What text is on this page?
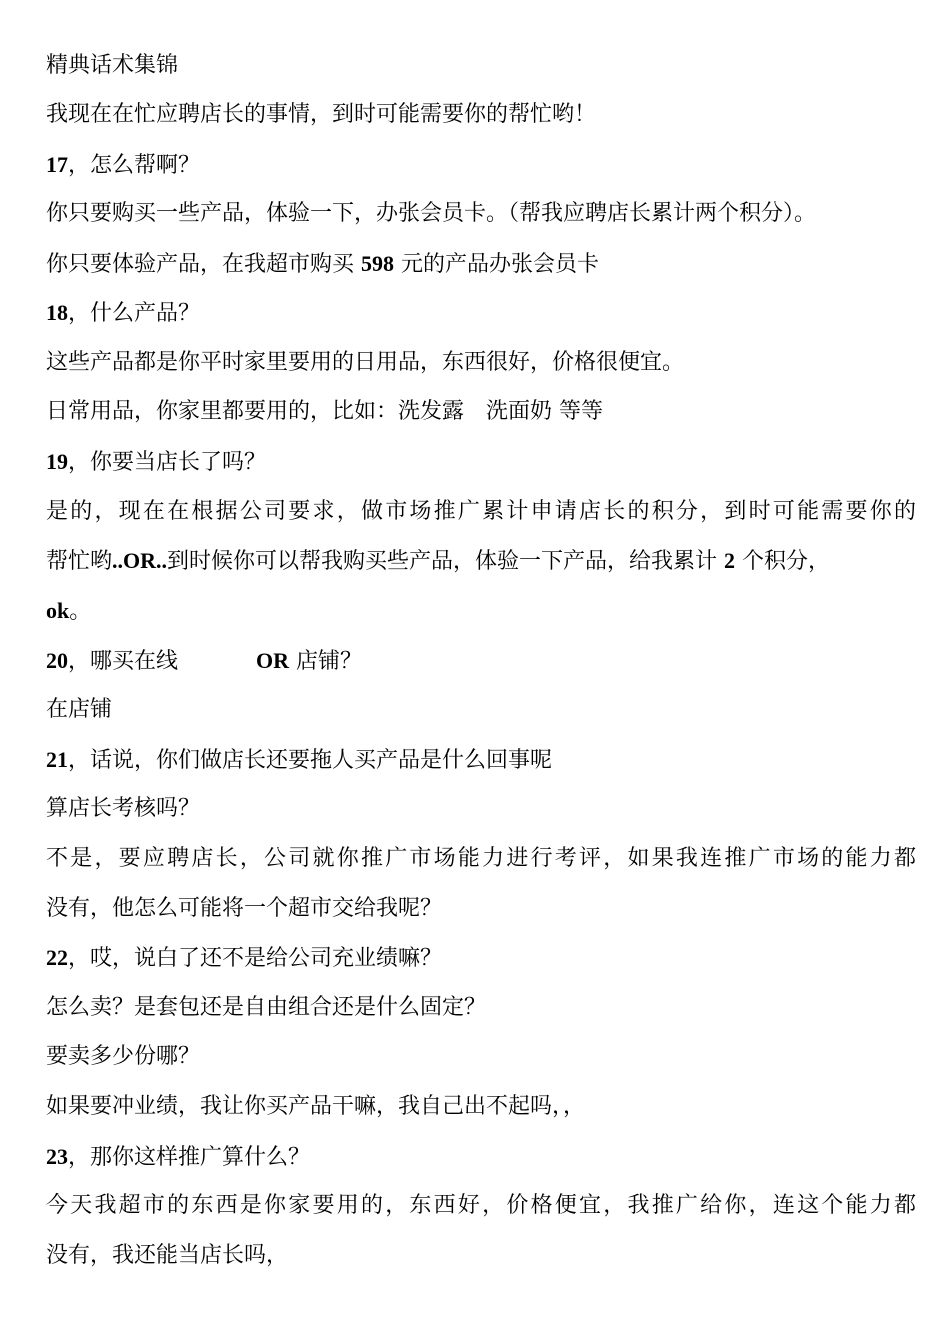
精典话术集锦
我现在在忙应聘店长的事情，到时可能需要你的帮忙哟！
17，怎么帮啊？
你只要购买一些产品，体验一下，办张会员卡。（帮我应聘店长累计两个积分）。
你只要体验产品，在我超市购买 598 元的产品办张会员卡
18，什么产品？
这些产品都是你平时家里要用的日用品，东西很好，价格很便宜。
日常用品，你家里都要用的，比如：洗发露　洗面奶 等等
19，你要当店长了吗？
是的，现在在根据公司要求，做市场推广累计申请店长的积分，到时可能需要你的
帮忙哟..OR..到时候你可以帮我购买些产品，体验一下产品，给我累计 2 个积分，
ok。
20，哪买在线	OR 店铺？
在店铺
21，话说，你们做店长还要拖人买产品是什么回事呢
算店长考核吗？
不是，要应聘店长，公司就你推广市场能力进行考评，如果我连推广市场的能力都
没有，他怎么可能将一个超市交给我呢？
22，哎，说白了还不是给公司充业绩嘛？
怎么卖？是套包还是自由组合还是什么固定？
要卖多少份哪？
如果要冲业绩，我让你买产品干嘛，我自己出不起吗，，
23，那你这样推广算什么？
今天我超市的东西是你家要用的，东西好，价格便宜，我推广给你，连这个能力都
没有，我还能当店长吗，
